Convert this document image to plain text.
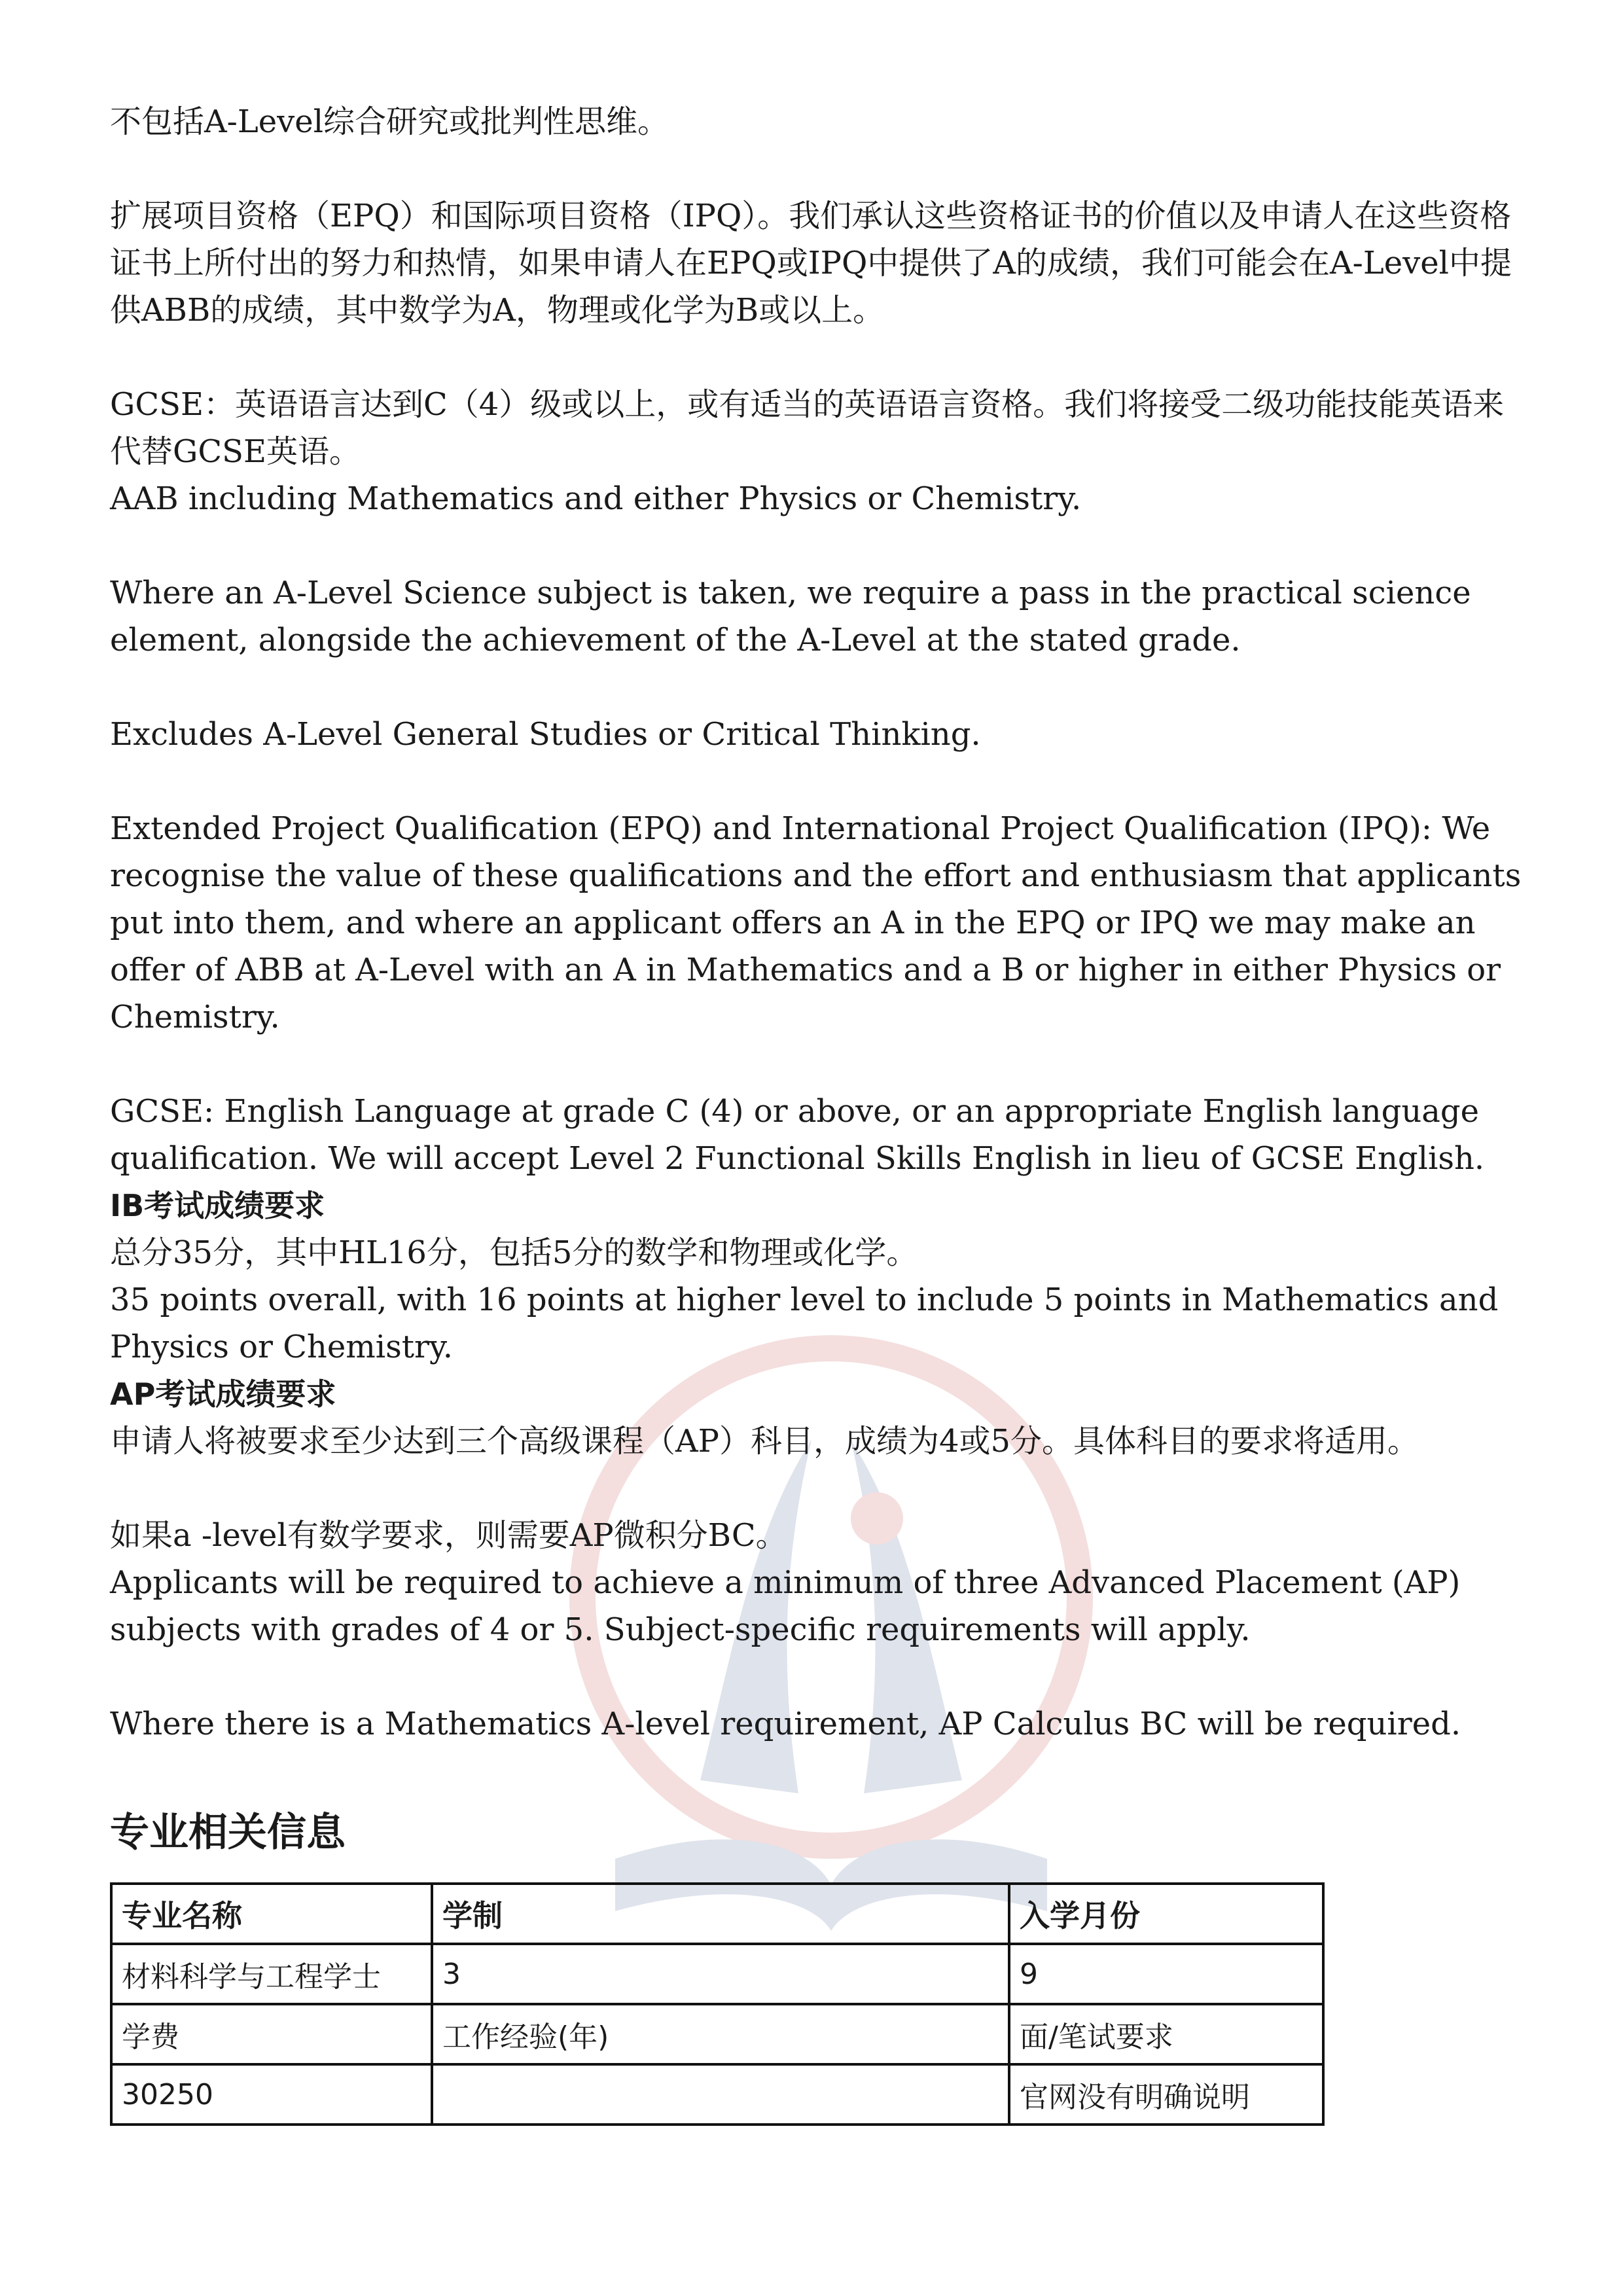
不包括A-Level综合研究或批判性思维。

扩展项目资格（EPQ）和国际项目资格（IPQ）。我们承认这些资格证书的价值以及申请人在这些资格证书上所付出的努力和热情，如果申请人在EPQ或IPQ中提供了A的成绩，我们可能会在A-Level中提供ABB的成绩，其中数学为A，物理或化学为B或以上。

GCSE：英语语言达到C（4）级或以上，或有适当的英语语言资格。我们将接受二级功能技能英语来代替GCSE英语。

AAB including Mathematics and either Physics or Chemistry.

Where an A-Level Science subject is taken, we require a pass in the practical science element, alongside the achievement of the A-Level at the stated grade.

Excludes A-Level General Studies or Critical Thinking.

Extended Project Qualification (EPQ) and International Project Qualification (IPQ): We recognise the value of these qualifications and the effort and enthusiasm that applicants put into them, and where an applicant offers an A in the EPQ or IPQ we may make an offer of ABB at A-Level with an A in Mathematics and a B or higher in either Physics or Chemistry.

GCSE: English Language at grade C (4) or above, or an appropriate English language qualification. We will accept Level 2 Functional Skills English in lieu of GCSE English.

IB考试成绩要求

总分35分，其中HL16分，包括5分的数学和物理或化学。

35 points overall, with 16 points at higher level to include 5 points in Mathematics and Physics or Chemistry.

AP考试成绩要求

申请人将被要求至少达到三个高级课程（AP）科目，成绩为4或5分。具体科目的要求将适用。

如果a -level有数学要求，则需要AP微积分BC。

Applicants will be required to achieve a minimum of three Advanced Placement (AP) subjects with grades of 4 or 5. Subject-specific requirements will apply.

Where there is a Mathematics A-level requirement, AP Calculus BC will be required.

专业相关信息
专业名称	学制	入学月份
材料科学与工程学士	3	9
学费	工作经验(年)	面/笔试要求
30250		官网没有明确说明
